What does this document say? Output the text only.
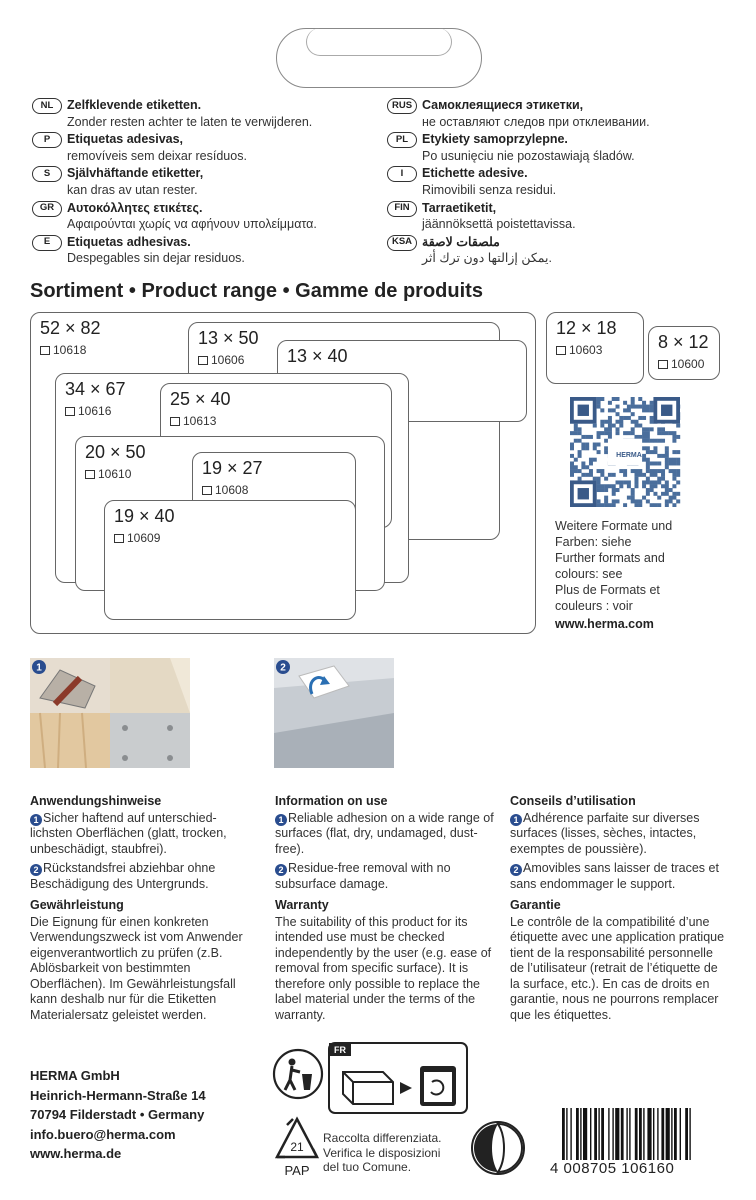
NL	Zelfklevende etiketten.
Zonder resten achter te laten te verwijderen.
P	Etiquetas adesivas,
removíveis sem deixar resíduos.
S	Självhäftande etiketter,
kan dras av utan rester.
GR	Αυτοκόλλητες ετικέτες.
Αφαιρούνται χωρίς να αφήνουν υπολείμματα.
E	Etiquetas adhesivas.
Despegables sin dejar residuos.
RUS Самоклеящиеся этикетки,
не оставляют следов при отклеивании.
PL	Etykiety samoprzylepne.
Po usunięciu nie pozostawiają śladów.
I	Etichette adesive.
Rimovibili senza residui.
FIN Tarraetiketit,
jäännöksettä poistettavissa.
KSA ملصقات لاصقة
يمكن إزالتها دون ترك أثر.
Sortiment • Product range • Gamme de produits
52 × 82
10618
13 × 50
10606 13 × 40
34 × 67
10616
25 × 40
10613
20 × 50
10610	19 × 27
10608
19 × 40
10609
12 × 18
10603	8 × 12
10600
HERMA
Weitere Formate und Farben: siehe
Further formats and colours: see
Plus de Formats et couleurs : voir
www.herma.com
1	2
Anwendungshinweise

1 Sicher haftend auf unterschied-lichsten Oberflächen (glatt, trocken, unbeschädigt, staubfrei).

2 Rückstandsfrei abziehbar ohne Beschädigung des Untergrunds.

Gewährleistung

Die Eignung für einen konkreten Verwendungszweck ist vom Anwender eigenverantwortlich zu prüfen (z.B. Ablösbarkeit von bestimmten Oberflächen). Im Gewährleistungsfall kann deshalb nur für die Etiketten Materialersatz geleistet werden.

Information on use

1 Reliable adhesion on a wide range of surfaces (flat, dry, undamaged, dust-free).

2 Residue-free removal with no subsurface damage.

Warranty

The suitability of this product for its intended use must be checked independently by the user (e.g. ease of removal from specific surface). It is therefore only possible to replace the label material under the terms of the warranty.

Conseils d’utilisation

1 Adhérence parfaite sur diverses surfaces (lisses, sèches, intactes, exemptes de poussière).

2 Amovibles sans laisser de traces et sans endommager le support.

Garantie

Le contrôle de la compatibilité d’une étiquette avec une application pratique tient de la responsabilité personnelle de l’utilisateur (retrait de l’étiquette de la surface, etc.). En cas de droits en garantie, nous ne pourrons remplacer que les étiquettes.

HERMA GmbH
Heinrich-Hermann-Straße 14
70794 Filderstadt • Germany
info.buero@herma.com
www.herma.de
FR
21
PAP
Raccolta differenziata.
Verifica le disposizioni
del tuo Comune.	4 008705 106160
